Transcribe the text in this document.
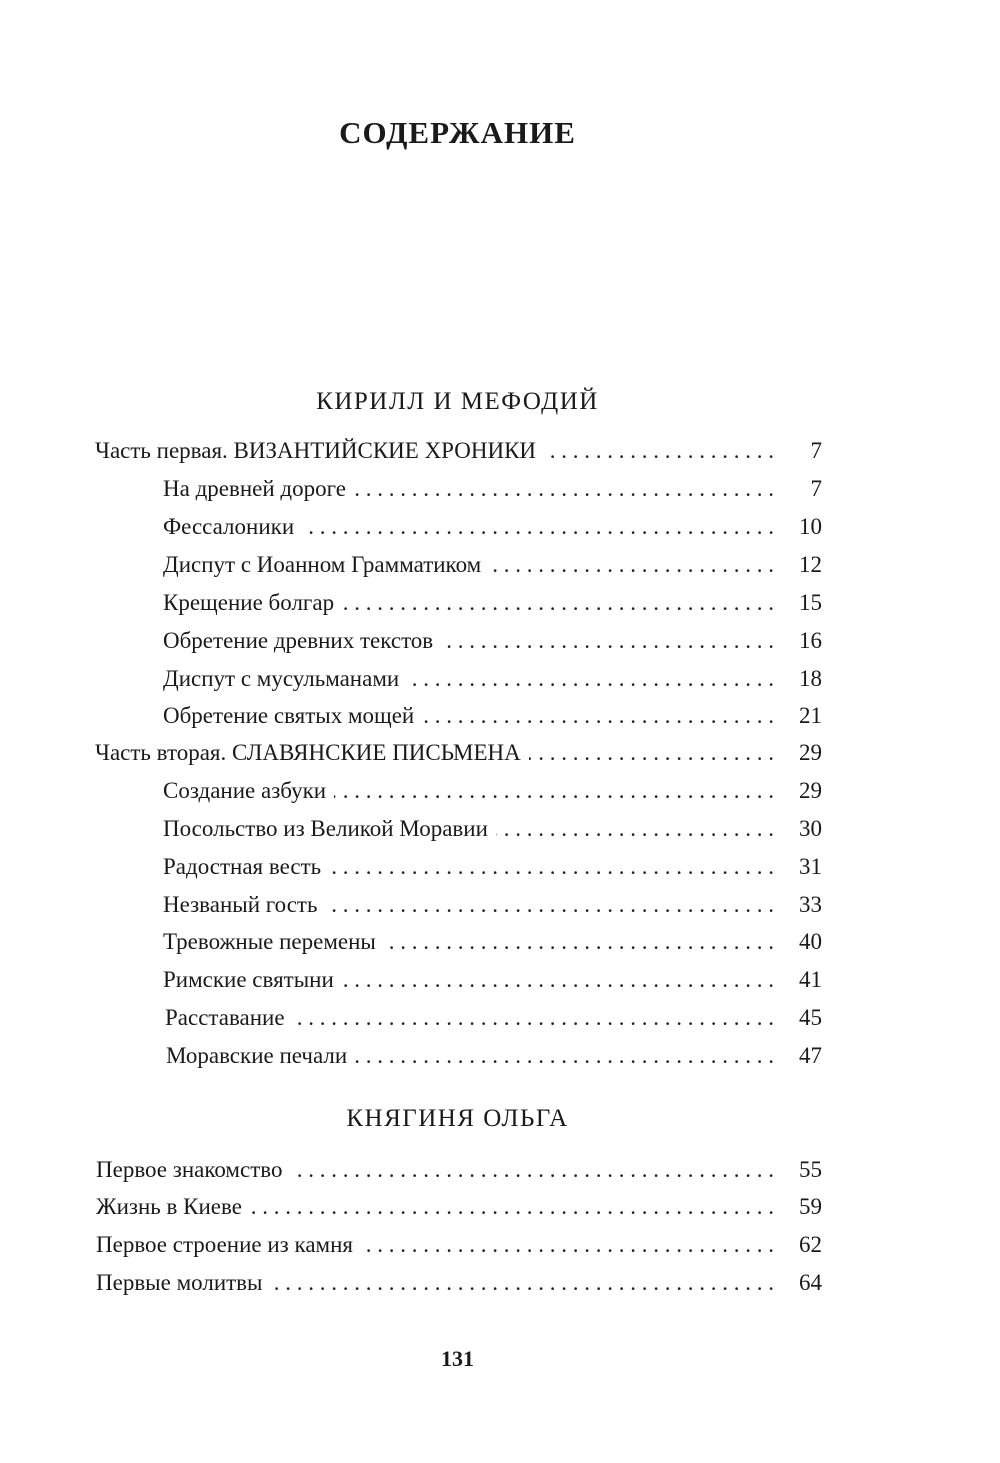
СОДЕРЖАНИЕ
КИРИЛЛ И МЕФОДИЙ
Часть первая. ВИЗАНТИЙСКИЕ ХРОНИКИ . . .	7
На древней дороге . . .	7
Фессалоники . . .	10
Диспут с Иоанном Грамматиком . . .	12
Крещение болгар . . .	15
Обретение древних текстов . . .	16
Диспут с мусульманами . . .	18
Обретение святых мощей . . .	21
Часть вторая. СЛАВЯНСКИЕ ПИСЬМЕНА . . .	29
Создание азбуки . . .	29
Посольство из Великой Моравии . . .	30
Радостная весть . . .	31
Незваный гость . . .	33
Тревожные перемены . . .	40
Римские святыни . . .	41
Расставание . . .	45
Моравские печали . . .	47
КНЯГИНЯ ОЛЬГА
Первое знакомство . . .	55
Жизнь в Киеве . . .	59
Первое строение из камня . . .	62
Первые молитвы . . .	64
131
